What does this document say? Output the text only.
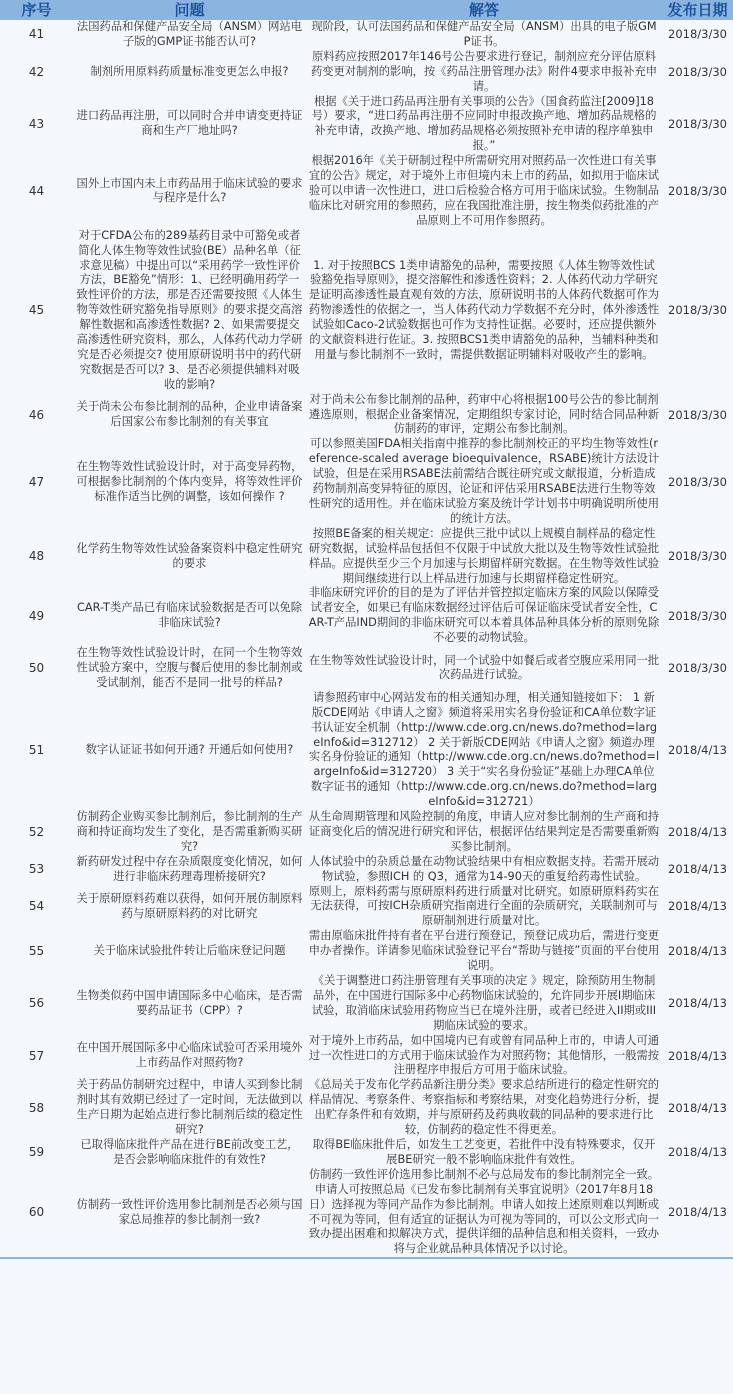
序号	问题	解答	发布日期
41	法国药品和保健产品安全局（ANSM）网站电子版的GMP证书能否认可?	现阶段，认可法国药品和保健产品安全局（ANSM）出具的电子版GMP证书。	2018/3/30
42	制剂所用原料药质量标准变更怎么申报?	原料药应按照2017年146号公告要求进行登记，制剂应充分评估原料药变更对制剂的影响，按《药品注册管理办法》附件4要求申报补充申请。	2018/3/30
43	进口药品再注册，可以同时合并申请变更持证商和生产厂地址吗?	根据《关于进口药品再注册有关事项的公告》（国食药监注[2009]18号）要求，“进口药品再注册不应同时申报改换产地、增加药品规格的补充申请，改换产地、增加药品规格必须按照补充申请的程序单独申报。”	2018/3/30
44	国外上市国内未上市药品用于临床试验的要求与程序是什么?	根据2016年《关于研制过程中所需研究用对照药品一次性进口有关事宜的公告》规定，对于境外上市但境内未上市的药品，如拟用于临床试验可以申请一次性进口，进口后检验合格方可用于临床试验。生物制品临床比对研究用的参照药，应在我国批准注册，按生物类似药批准的产品原则上不可用作参照药。	2018/3/30
45	对于CFDA公布的289基药目录中可豁免或者简化人体生物等效性试验(BE）品种名单（征求意见稿）中提出可以“采用药学一致性评价方法，BE豁免”情形：1、已经明确用药学一致性评价的方法，那是否还需要按照《人体生物等效性研究豁免指导原则》的要求提交高溶解性数据和高渗透性数据? 2、如果需要提交高渗透性研究资料，那么，人体药代动力学研究是否必须提交? 使用原研说明书中的药代研究数据是否可以? 3、是否必须提供辅料对吸收的影响?	1. 对于按照BCS 1类申请豁免的品种，需要按照《人体生物等效性试验豁免指导原则》，提交溶解性和渗透性资料；2. 人体药代动力学研究是证明高渗透性最直观有效的方法，原研说明书的人体药代数据可作为药物渗透性的依据之一，当人体药代动力学数据不充分时，体外渗透性试验如Caco-2试验数据也可作为支持性证据。必要时，还应提供额外的文献资料进行佐证。3. 按照BCS1类申请豁免的品种，当辅料种类和用量与参比制剂不一致时，需提供数据证明辅料对吸收产生的影响。	2018/3/30
46	关于尚未公布参比制剂的品种，企业申请备案后国家公布参比制剂的有关事宜	对于尚未公布参比制剂的品种，药审中心将根据100号公告的参比制剂遴选原则，根据企业备案情况，定期组织专家讨论，同时结合同品种新仿制药的审评，定期公布参比制剂。	2018/3/30
47	在生物等效性试验设计时，对于高变异药物，可根据参比制剂的个体内变异，将等效性评价标准作适当比例的调整，该如何操作 ?	可以参照美国FDA相关指南中推荐的参比制剂校正的平均生物等效性(reference-scaled average bioequivalence，RSABE)统计方法设计试验，但是在采用RSABE法前需结合既往研究或文献报道，分析造成药物制剂高变异特征的原因，论证和评估采用RSABE法进行生物等效性研究的适用性。并在临床试验方案及统计学计划书中明确说明所使用的统计方法。	2018/3/30
48	化学药生物等效性试验备案资料中稳定性研究的要求	按照BE备案的相关规定：应提供三批中试以上规模自制样品的稳定性研究数据，试验样品包括但不仅限于中试放大批以及生物等效性试验批样品。应提供至少三个月加速与长期留样研究数据。在生物等效性试验期间继续进行以上样品进行加速与长期留样稳定性研究。	2018/3/30
49	CAR-T类产品已有临床试验数据是否可以免除非临床试验?	非临床研究评价的目的是为了评估并管控拟定临床方案的风险以保障受试者安全，如果已有临床数据经过评估后可保证临床受试者安全性，CAR-T产品IND期间的非临床研究可以本着具体品种具体分析的原则免除不必要的动物试验。	2018/3/30
50	在生物等效性试验设计时，在同一个生物等效性试验方案中，空腹与餐后使用的参比制剂或受试制剂，能否不是同一批号的样品?	在生物等效性试验设计时，同一个试验中如餐后或者空腹应采用同一批次药品进行试验。	2018/3/30
51	数字认证证书如何开通? 开通后如何使用?	请参照药审中心网站发布的相关通知办理，相关通知链接如下： 1 新版CDE网站《申请人之窗》频道将采用实名身份验证和CA单位数字证书认证安全机制（http://www.cde.org.cn/news.do?method=largeInfo&id=312712） 2 关于新版CDE网站《申请人之窗》频道办理实名身份验证的通知（http://www.cde.org.cn/news.do?method=largeInfo&id=312720） 3 关于“实名身份验证”基础上办理CA单位数字证书的通知（http://www.cde.org.cn/news.do?method=largeInfo&id=312721）	2018/4/13
52	仿制药企业购买参比制剂后，参比制剂的生产商和持证商均发生了变化，是否需重新购买研究?	从生命周期管理和风险控制的角度，申请人应对参比制剂的生产商和持证商变化后的情况进行研究和评估，根据评估结果判定是否需要重新购买参比制剂。	2018/4/13
53	新药研发过程中存在杂质限度变化情况，如何进行非临床药理毒理桥接研究?	人体试验中的杂质总量在动物试验结果中有相应数据支持。若需开展动物试验，参照ICH 的 Q3，通常为14-90天的重复给药毒性试验。	2018/4/13
54	关于原研原料药难以获得，如何开展仿制原料药与原研原料药的对比研究	原则上，原料药需与原研原料药进行质量对比研究。如原研原料药实在无法获得，可按ICH杂质研究指南进行全面的杂质研究，关联制剂可与原研制剂进行质量对比。	2018/4/13
55	关于临床试验批件转让后临床登记问题	需由原临床批件持有者在平台进行预登记，预登记成功后，需进行变更申办者操作。详请参见临床试验登记平台“帮助与链接”页面的平台使用说明。	2018/4/13
56	生物类似药中国申请国际多中心临床，是否需要药品证书（CPP）?	《关于调整进口药注册管理有关事项的决定 》规定，除预防用生物制品外，在中国进行国际多中心药物临床试验的，允许同步开展I期临床试验，取消临床试验用药物应当已在境外注册，或者已经进入II期或III期临床试验的要求。	2018/4/13
57	在中国开展国际多中心临床试验可否采用境外上市药品作对照药物?	对于境外上市药品，如中国境内已有或曾有同品种上市的，申请人可通过一次性进口的方式用于临床试验作为对照药物；其他情形，一般需按注册程序申报后方可用于临床试验。	2018/4/13
58	关于药品仿制研究过程中，申请人买到参比制剂时其有效期已经过了一定时间，无法做到以生产日期为起始点进行参比制剂后续的稳定性研究?	《总局关于发布化学药品新注册分类》要求总结所进行的稳定性研究的样品情况、考察条件、考察指标和考察结果，对变化趋势进行分析，提出贮存条件和有效期，并与原研药及药典收载的同品种的要求进行比较，仿制药的稳定性不得更差。	2018/4/13
59	已取得临床批件产品在进行BE前改变工艺，是否会影响临床批件的有效性?	取得BE临床批件后，如发生工艺变更，若批件中没有特殊要求，仅开展BE研究一般不影响临床批件有效性。	2018/4/13
60	仿制药一致性评价选用参比制剂是否必须与国家总局推荐的参比制剂一致?	仿制药一致性评价选用参比制剂不必与总局发布的参比制剂完全一致。申请人可按照总局《已发布参比制剂有关事宜说明》（2017年8月18日）选择视为等同产品作为参比制剂。申请人如按上述原则难以判断或不可视为等同，但有适宜的证据认为可视为等同的，可以公文形式向一致办提出困难和拟解决方式，提供详细的品种信息和相关资料，一致办将与企业就品种具体情况予以讨论。	2018/4/13
